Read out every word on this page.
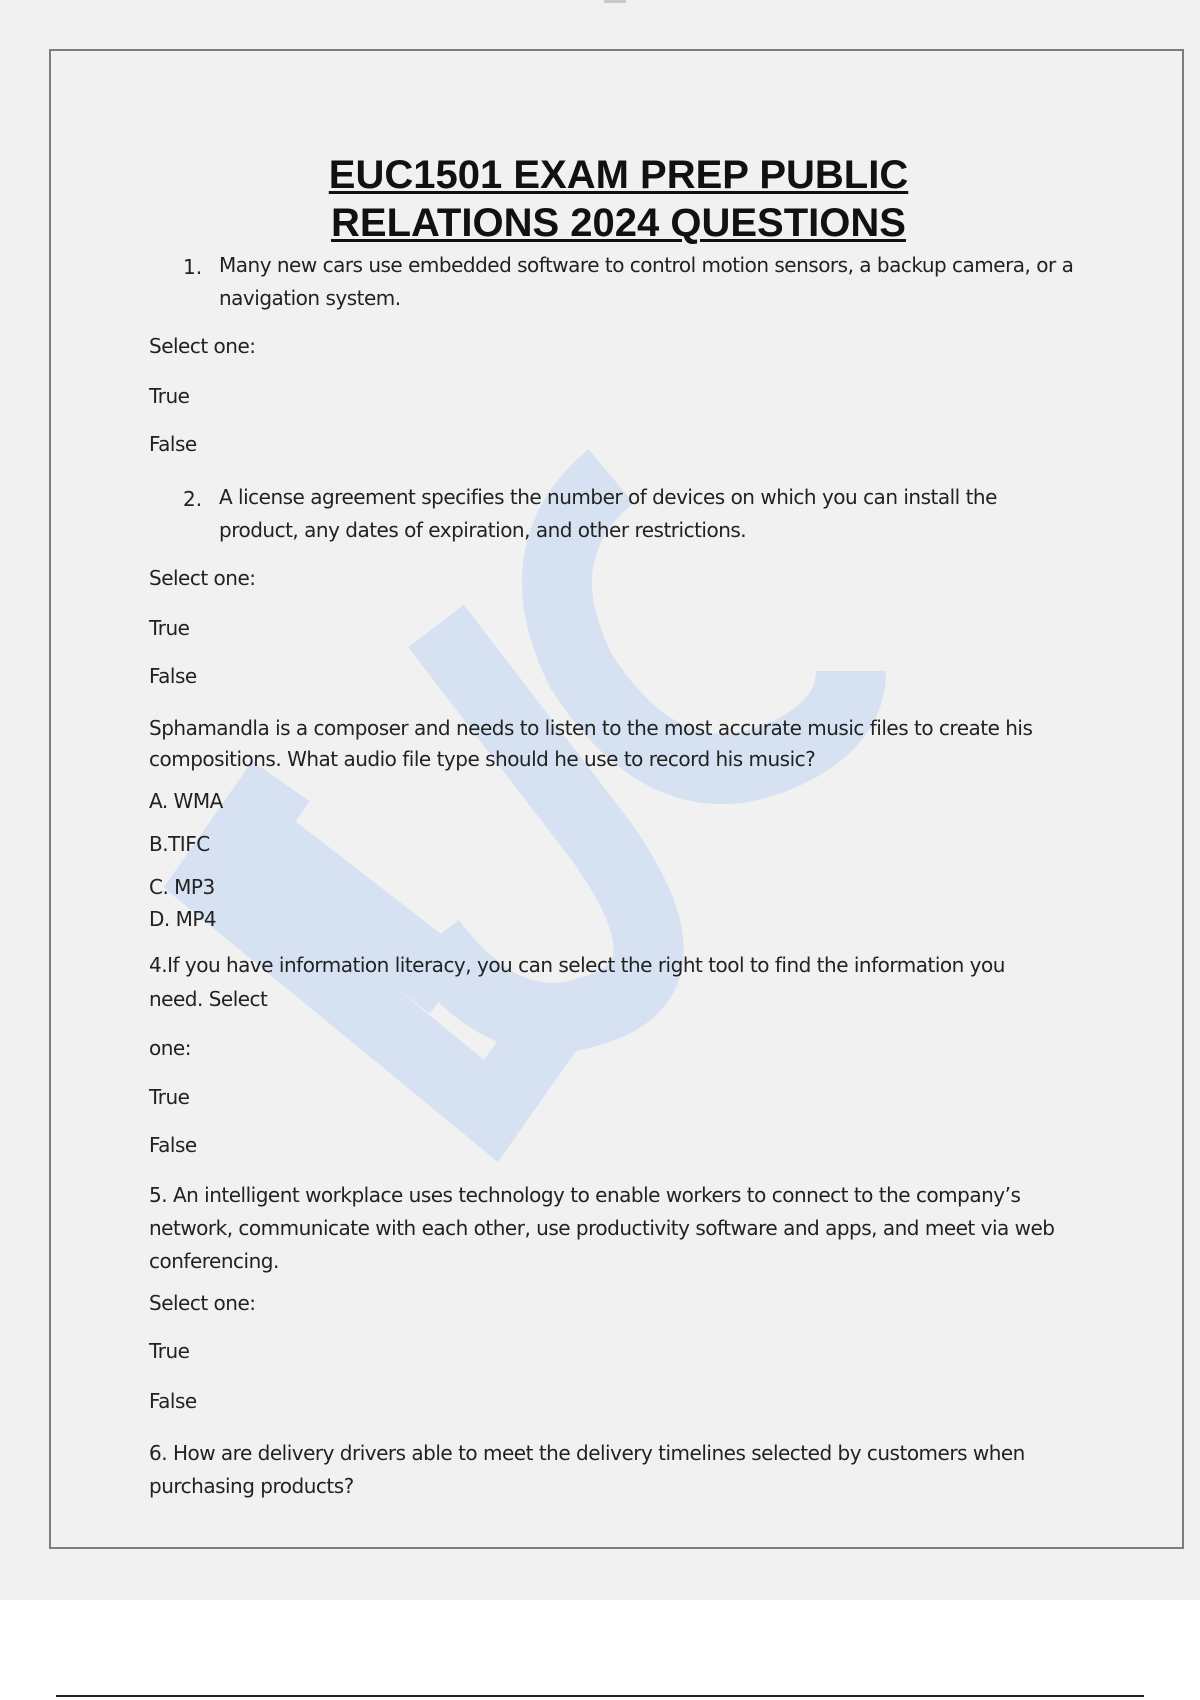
EUC1501 EXAM PREP PUBLIC
RELATIONS 2024 QUESTIONS
1. Many new cars use embedded software to control motion sensors, a backup camera, or a navigation system.
Select one:
True
False
2. A license agreement specifies the number of devices on which you can install the product, any dates of expiration, and other restrictions.
Select one:
True
False
Sphamandla is a composer and needs to listen to the most accurate music files to create his compositions. What audio file type should he use to record his music?
A. WMA
B.TIFC
C. MP3
D. MP4
4.If you have information literacy, you can select the right tool to find the information you
need. Select
one:
True
False
5. An intelligent workplace uses technology to enable workers to connect to the company’s network, communicate with each other, use productivity software and apps, and meet via web conferencing.
Select one:
True
False
6. How are delivery drivers able to meet the delivery timelines selected by customers when purchasing products?
